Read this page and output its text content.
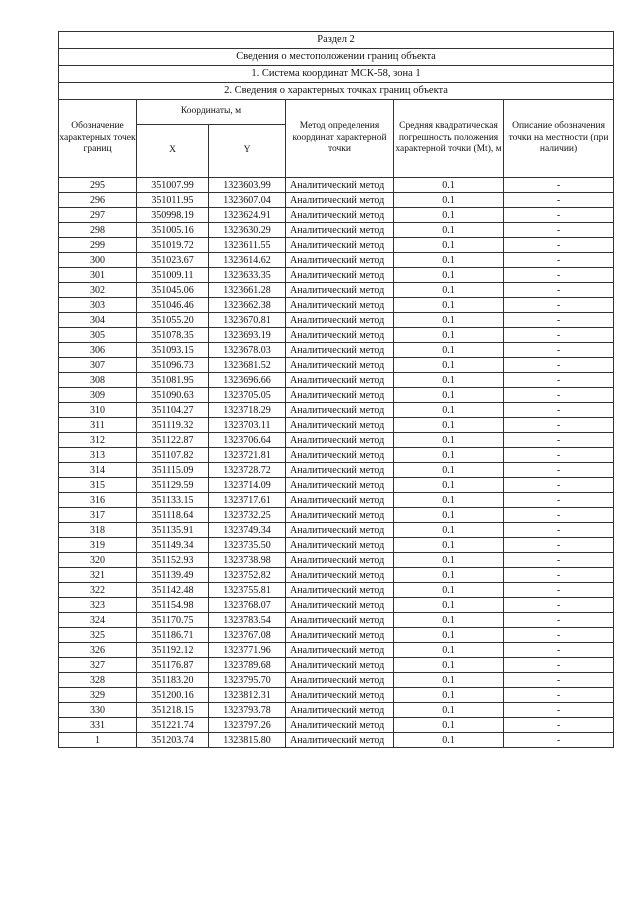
Раздел 2					
Сведения о местоположении границ объекта					
1. Система координат МСК-58, зона 1					
2. Сведения о характерных точках границ объекта					
Обозначение характерных точек границ	Координаты, м		Метод определения координат характерной точки	Средняя квадратическая погрешность положения характерной точки (Mt), м	Описание обозначения точки на местности (при наличии)
	X	Y			
295	351007.99	1323603.99	Аналитический метод	0.1	-
296	351011.95	1323607.04	Аналитический метод	0.1	-
297	350998.19	1323624.91	Аналитический метод	0.1	-
298	351005.16	1323630.29	Аналитический метод	0.1	-
299	351019.72	1323611.55	Аналитический метод	0.1	-
300	351023.67	1323614.62	Аналитический метод	0.1	-
301	351009.11	1323633.35	Аналитический метод	0.1	-
302	351045.06	1323661.28	Аналитический метод	0.1	-
303	351046.46	1323662.38	Аналитический метод	0.1	-
304	351055.20	1323670.81	Аналитический метод	0.1	-
305	351078.35	1323693.19	Аналитический метод	0.1	-
306	351093.15	1323678.03	Аналитический метод	0.1	-
307	351096.73	1323681.52	Аналитический метод	0.1	-
308	351081.95	1323696.66	Аналитический метод	0.1	-
309	351090.63	1323705.05	Аналитический метод	0.1	-
310	351104.27	1323718.29	Аналитический метод	0.1	-
311	351119.32	1323703.11	Аналитический метод	0.1	-
312	351122.87	1323706.64	Аналитический метод	0.1	-
313	351107.82	1323721.81	Аналитический метод	0.1	-
314	351115.09	1323728.72	Аналитический метод	0.1	-
315	351129.59	1323714.09	Аналитический метод	0.1	-
316	351133.15	1323717.61	Аналитический метод	0.1	-
317	351118.64	1323732.25	Аналитический метод	0.1	-
318	351135.91	1323749.34	Аналитический метод	0.1	-
319	351149.34	1323735.50	Аналитический метод	0.1	-
320	351152.93	1323738.98	Аналитический метод	0.1	-
321	351139.49	1323752.82	Аналитический метод	0.1	-
322	351142.48	1323755.81	Аналитический метод	0.1	-
323	351154.98	1323768.07	Аналитический метод	0.1	-
324	351170.75	1323783.54	Аналитический метод	0.1	-
325	351186.71	1323767.08	Аналитический метод	0.1	-
326	351192.12	1323771.96	Аналитический метод	0.1	-
327	351176.87	1323789.68	Аналитический метод	0.1	-
328	351183.20	1323795.70	Аналитический метод	0.1	-
329	351200.16	1323812.31	Аналитический метод	0.1	-
330	351218.15	1323793.78	Аналитический метод	0.1	-
331	351221.74	1323797.26	Аналитический метод	0.1	-
1	351203.74	1323815.80	Аналитический метод	0.1	-
